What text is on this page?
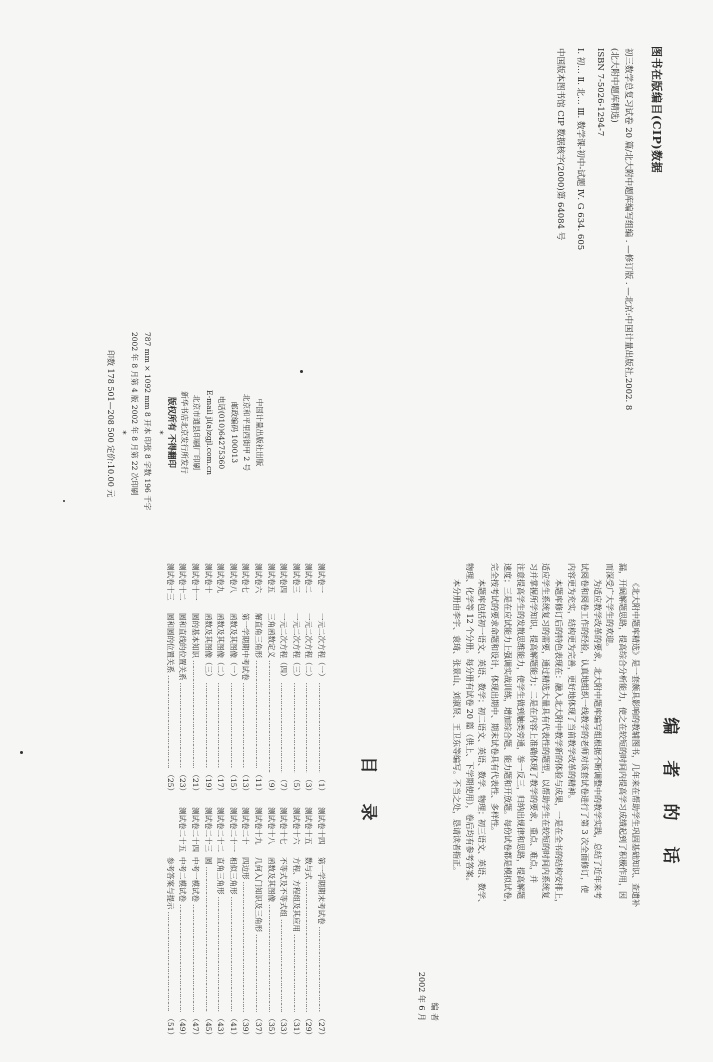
图书在版编目(CIP)数据
初三数学总复习试卷 20 篇/北大附中题库编写组编 . —修订版 . —北京:中国计量出版社,2002. 8
(北大附中题库精选)
ISBN 7-5026-1294-7
Ⅰ. 初… Ⅱ. 北… Ⅲ. 数学课-初中-试题 Ⅳ. G 634. 605
中国版本图书馆 CIP 数据核字(2000)第 64084 号
中国计量出版社出版
北京和平里西街甲 2 号
邮政编码 100013
电话(010)64275360
E-mail jl(a)zgjl.com.cn
北京市通县印刷厂印刷
新华书店北京发行所发行
版权所有 不得翻印
*
787 mm × 1092 mm 8 开本 印张 8 字数 196 千字
2002 年 8 月第 4 版 2002 年 8 月第 22 次印刷
*
印数 178 501—208 500 定价:10.00 元
编者的话
《北大附中题库精选》是一套颇具影响的教辅图书，几年来在帮助学生巩固基础知识、查遗补
漏，开阔解题思路，提高综合分析能力，使之在较短的时间内提高学习成绩起到了积极作用，因
而深受广大学生的欢迎。
为适应教学改革的要求，北大附中题库编写组根据不断调整中的教学实践，总结了近年来考
试阅卷和阅卷工作的经验，认真地组织一线教学的老师对该套试卷进行了第 3 次全面修订，使
内容更为充实，结构更为完善，更好地体现了当前教学改革的精神。
本题库修订后的特色表现在：融入北大附中教学新的体验与成果，一是在全书的结构安排上，
适应学生系统复习的需要，通过精选大量具有代表性的题型，以帮助学生在较短的时间内系统复
习并掌握所学知识，提高解题能力；二是在内容上准确体现了教学的要求，重点、难点，并
注意提高学生的发散思维能力，使学生做到触类旁通，举一反三，归纳出规律和思路，提高解题
速度；三是在应试能力上强调实战训练，增加综合题、能力题和开放题。每份试卷都是模拟试卷，
完全按考试的要求命题和设计，体现出期中、期末试卷具有代表性、多样性。
本题库包括初一语文、英语、数学；初二语文、英语、数学、物理；初三语文、英语、数学、
物理、化学等 12 个分册。每分册有试卷 20 篇（供上、下学期使用），卷后均有参考答案。
本分册由李宇、袁琦、张景山、刘淑贤、王卫东等编写。不当之处，恳请读者指正。
编 者
2002 年 6 月
目录
测试卷一
一元二次方程（一）
…………………………………………………………………………………………………………
（1）
测试卷二
一元二次方程（二）
…………………………………………………………………………………………………………
（3）
测试卷三
一元二次方程（三）
…………………………………………………………………………………………………………
（5）
测试卷四
一元二次方程（四）
…………………………………………………………………………………………………………
（7）
测试卷五
三角函数定义
…………………………………………………………………………………………………………
（9）
测试卷六
解直角三角形
…………………………………………………………………………………………………………
（11）
测试卷七
第一学期期中考试卷
…………………………………………………………………………………………………………
（13）
测试卷八
函数及其图像（一）
…………………………………………………………………………………………………………
（15）
测试卷九
函数及其图像（二）
…………………………………………………………………………………………………………
（17）
测试卷十
函数及其图像（三）
…………………………………………………………………………………………………………
（19）
测试卷十一
圆的基本知识
…………………………………………………………………………………………………………
（21）
测试卷十二
圆和直线的位置关系
…………………………………………………………………………………………………………
（23）
测试卷十三
圆和圆的位置关系
…………………………………………………………………………………………………………
（25）
测试卷十四
第一学期期末考试卷
…………………………………………………………………………………………………………
（27）
测试卷十五
数与式
…………………………………………………………………………………………………………
（29）
测试卷十六
方程、方程组及其应用
…………………………………………………………………………………………………………
（31）
测试卷十七
不等式及不等式组
…………………………………………………………………………………………………………
（33）
测试卷十八
函数及其图像
…………………………………………………………………………………………………………
（35）
测试卷十九
几何入门知识及三角形
…………………………………………………………………………………………………………
（37）
测试卷二十
四边形
…………………………………………………………………………………………………………
（39）
测试卷二十一
相似三角形
…………………………………………………………………………………………………………
（41）
测试卷二十二
直角三角形
…………………………………………………………………………………………………………
（43）
测试卷二十三
圆
…………………………………………………………………………………………………………
（45）
测试卷二十四
中考一模试卷
…………………………………………………………………………………………………………
（47）
测试卷二十五
中考二模试卷
…………………………………………………………………………………………………………
（49）
参考答案与提示
…………………………………………………………………………………………………………
（51）
